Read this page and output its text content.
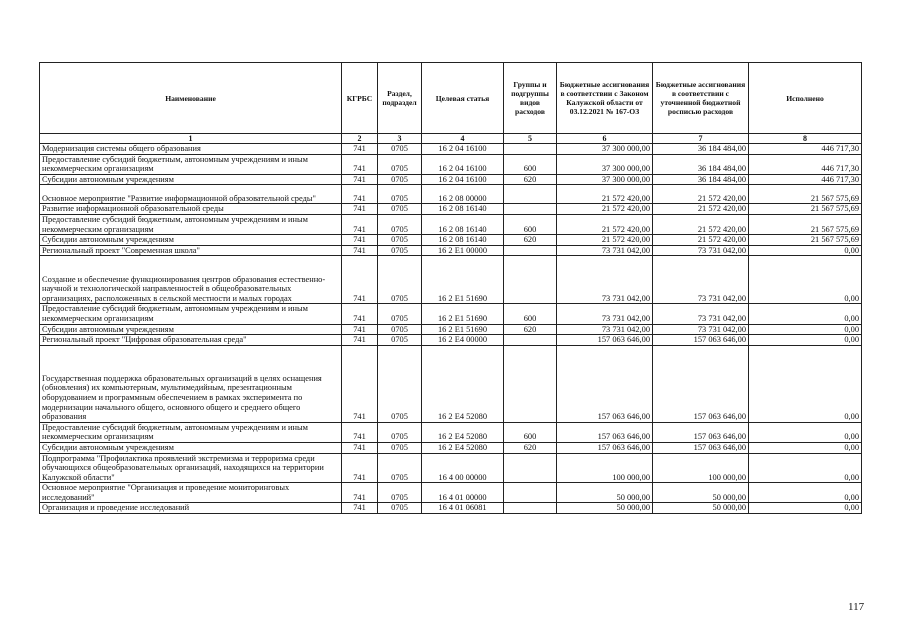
Наименование	КГРБС	Раздел, подраздел	Целевая статья	Группы и подгруппы видов расходов	Бюджетные ассигнования в соответствии с Законом Калужской области от 03.12.2021 № 167-ОЗ	Бюджетные ассигнования в соответствии с уточненной бюджетной росписью расходов	Исполнено
1	2	3	4	5	6	7	8
Модернизация системы общего образования	741	0705	16 2 04 16100		37 300 000,00	36 184 484,00	446 717,30
Предоставление субсидий бюджетным, автономным учреждениям и иным некоммерческим организациям	741	0705	16 2 04 16100	600	37 300 000,00	36 184 484,00	446 717,30
Субсидии автономным учреждениям	741	0705	16 2 04 16100	620	37 300 000,00	36 184 484,00	446 717,30
Основное мероприятие "Развитие информационной образовательной среды"	741	0705	16 2 08 00000		21 572 420,00	21 572 420,00	21 567 575,69
Развитие информационной образовательной среды	741	0705	16 2 08 16140		21 572 420,00	21 572 420,00	21 567 575,69
Предоставление субсидий бюджетным, автономным учреждениям и иным некоммерческим организациям	741	0705	16 2 08 16140	600	21 572 420,00	21 572 420,00	21 567 575,69
Субсидии автономным учреждениям	741	0705	16 2 08 16140	620	21 572 420,00	21 572 420,00	21 567 575,69
Региональный проект "Современная школа"	741	0705	16 2 E1 00000		73 731 042,00	73 731 042,00	0,00
Создание и обеспечение функционирования центров образования естественно-научной и технологической направленностей в общеобразовательных организациях, расположенных в сельской местности и малых городах	741	0705	16 2 E1 51690		73 731 042,00	73 731 042,00	0,00
Предоставление субсидий бюджетным, автономным учреждениям и иным некоммерческим организациям	741	0705	16 2 E1 51690	600	73 731 042,00	73 731 042,00	0,00
Субсидии автономным учреждениям	741	0705	16 2 E1 51690	620	73 731 042,00	73 731 042,00	0,00
Региональный проект "Цифровая образовательная среда"	741	0705	16 2 E4 00000		157 063 646,00	157 063 646,00	0,00
Государственная поддержка образовательных организаций в целях оснащения (обновления) их компьютерным, мультимедийным, презентационным оборудованием и программным обеспечением в рамках эксперимента по модернизации начального общего, основного общего и среднего общего образования	741	0705	16 2 E4 52080		157 063 646,00	157 063 646,00	0,00
Предоставление субсидий бюджетным, автономным учреждениям и иным некоммерческим организациям	741	0705	16 2 E4 52080	600	157 063 646,00	157 063 646,00	0,00
Субсидии автономным учреждениям	741	0705	16 2 E4 52080	620	157 063 646,00	157 063 646,00	0,00
Подпрограмма "Профилактика проявлений экстремизма и терроризма среди обучающихся общеобразовательных организаций, находящихся на территории Калужской области"	741	0705	16 4 00 00000		100 000,00	100 000,00	0,00
Основное мероприятие "Организация и проведение мониторинговых исследований"	741	0705	16 4 01 00000		50 000,00	50 000,00	0,00
Организация и проведение исследований	741	0705	16 4 01 06081		50 000,00	50 000,00	0,00
117
